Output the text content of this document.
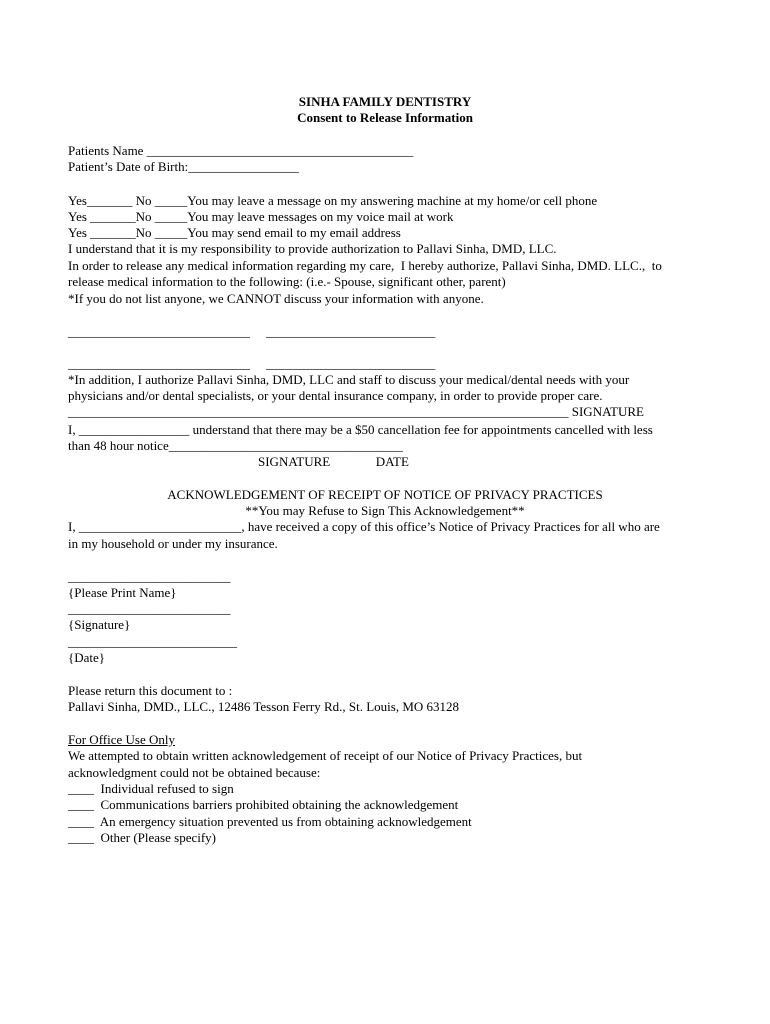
SINHA FAMILY DENTISTRY
Consent to Release Information
Patients Name _________________________________________
Patient’s Date of Birth:_________________
Yes_______ No _____You may leave a message on my answering machine at my home/or cell phone
Yes _______No _____You may leave messages on my voice mail at work
Yes _______No _____You may send email to my email address
I understand that it is my responsibility to provide authorization to Pallavi Sinha, DMD, LLC.
In order to release any medical information regarding my care,  I hereby authorize, Pallavi Sinha, DMD. LLC.,  to
release medical information to the following: (i.e.- Spouse, significant other, parent)
*If you do not list anyone, we CANNOT discuss your information with anyone.
____________________________     __________________________
____________________________     __________________________
*In addition, I authorize Pallavi Sinha, DMD, LLC and staff to discuss your medical/dental needs with your
physicians and/or dental specialists, or your dental insurance company, in order to provide proper care.
_____________________________________________________________________________ SIGNATURE
I, _________________ understand that there may be a $50 cancellation fee for appointments cancelled with less
than 48 hour notice____________________________________
SIGNATURE              DATE
ACKNOWLEDGEMENT OF RECEIPT OF NOTICE OF PRIVACY PRACTICES
**You may Refuse to Sign This Acknowledgement**
I, _________________________, have received a copy of this office’s Notice of Privacy Practices for all who are
in my household or under my insurance.
_________________________
{Please Print Name}
_________________________
{Signature}
__________________________
{Date}
Please return this document to :
Pallavi Sinha, DMD., LLC., 12486 Tesson Ferry Rd., St. Louis, MO 63128
For Office Use Only
We attempted to obtain written acknowledgement of receipt of our Notice of Privacy Practices, but
acknowledgment could not be obtained because:
____  Individual refused to sign
____  Communications barriers prohibited obtaining the acknowledgement
____  An emergency situation prevented us from obtaining acknowledgement
____  Other (Please specify)
